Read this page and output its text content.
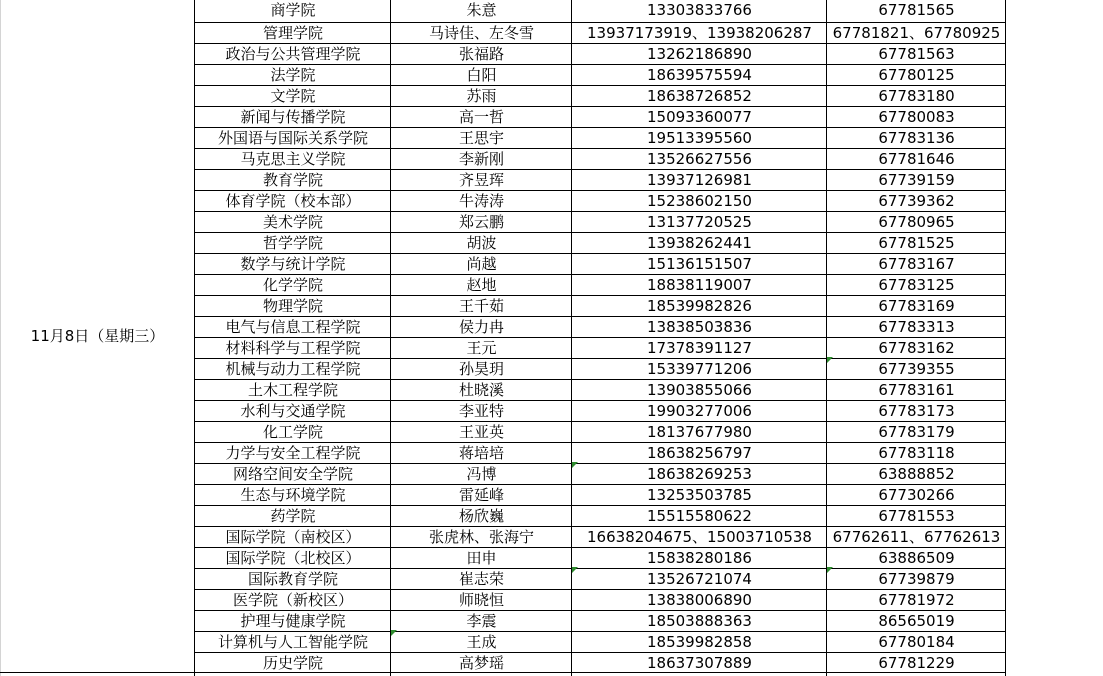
11月8日（星期三）
商学院	朱意	13303833766	67781565
管理学院	马诗佳、左冬雪	13937173919、13938206287	67781821、67780925
政治与公共管理学院	张福路	13262186890	67781563
法学院	白阳	18639575594	67780125
文学院	苏雨	18638726852	67783180
新闻与传播学院	高一哲	15093360077	67780083
外国语与国际关系学院	王思宇	19513395560	67783136
马克思主义学院	李新刚	13526627556	67781646
教育学院	齐昱珲	13937126981	67739159
体育学院（校本部）	牛涛涛	15238602150	67739362
美术学院	郑云鹏	13137720525	67780965
哲学学院	胡波	13938262441	67781525
数学与统计学院	尚越	15136151507	67783167
化学学院	赵地	18838119007	67783125
物理学院	王千茹	18539982826	67783169
电气与信息工程学院	侯力冉	13838503836	67783313
材料科学与工程学院	王元	17378391127	67783162
机械与动力工程学院	孙昊玥	15339771206	67739355
土木工程学院	杜晓溪	13903855066	67783161
水利与交通学院	李亚特	19903277006	67783173
化工学院	王亚英	18137677980	67783179
力学与安全工程学院	蒋培培	18638256797	67783118
网络空间安全学院	冯博	18638269253	63888852
生态与环境学院	雷延峰	13253503785	67730266
药学院	杨欣巍	15515580622	67781553
国际学院（南校区）	张虎林、张海宁	16638204675、15003710538	67762611、67762613
国际学院（北校区）	田申	15838280186	63886509
国际教育学院	崔志荣	13526721074	67739879
医学院（新校区）	师晓恒	13838006890	67781972
护理与健康学院	李震	18503888363	86565019
计算机与人工智能学院	王成	18539982858	67780184
历史学院	高梦瑶	18637307889	67781229
